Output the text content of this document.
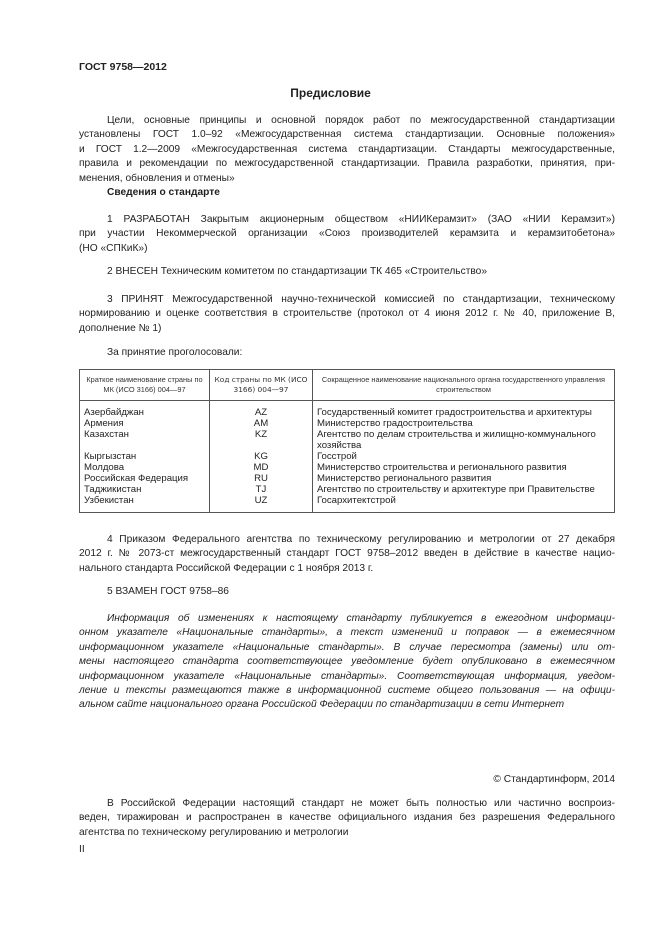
ГОСТ 9758—2012
Предисловие
Цели, основные принципы и основной порядок работ по межгосударственной стандартизации
установлены ГОСТ 1.0–92 «Межгосударственная система стандартизации. Основные положения»
и ГОСТ 1.2—2009 «Межгосударственная система стандартизации. Стандарты межгосударственные,
правила и рекомендации по межгосударственной стандартизации. Правила разработки, принятия, при-
менения, обновления и отмены»
Сведения о стандарте
1 РАЗРАБОТАН Закрытым акционерным обществом «НИИКерамзит» (ЗАО «НИИ Керамзит»)
при участии Некоммерческой организации «Союз производителей керамзита и керамзитобетона»
(НО «СПКиК»)
2 ВНЕСЕН Техническим комитетом по стандартизации ТК 465 «Строительство»
3 ПРИНЯТ Межгосударственной научно-технической комиссией по стандартизации, техническому
нормированию и оценке соответствия в строительстве (протокол от 4 июня 2012 г. № 40, приложение В,
дополнение № 1)
За принятие проголосовали:
Краткое наименование страны по МК (ИСО 3166) 004—97	Код страны по МК (ИСО 3166) 004—97	Сокращенное наименование национального органа государственного управления строительством
Азербайджан	AZ	Государственный комитет градостроительства и архитектуры
Армения	AM	Министерство градостроительства
Казахстан	KZ	Агентство по делам строительства и жилищно-коммунального хозяйства
Кыргызстан	KG	Госстрой
Молдова	MD	Министерство строительства и регионального развития
Российская Федерация	RU	Министерство регионального развития
Таджикистан	TJ	Агентство по строительству и архитектуре при Правительстве
Узбекистан	UZ	Госархитектстрой
4 Приказом Федерального агентства по техническому регулированию и метрологии от 27 декабря
2012 г. № 2073-ст межгосударственный стандарт ГОСТ 9758–2012 введен в действие в качестве нацио-
нального стандарта Российской Федерации с 1 ноября 2013 г.
5 ВЗАМЕН ГОСТ 9758–86
Информация об изменениях к настоящему стандарту публикуется в ежегодном информаци-
онном указателе «Национальные стандарты», а текст изменений и поправок — в ежемесячном
информационном указателе «Национальные стандарты». В случае пересмотра (замены) или от-
мены настоящего стандарта соответствующее уведомление будет опубликовано в ежемесячном
информационном указателе «Национальные стандарты». Соответствующая информация, уведом-
ление и тексты размещаются также в информационной системе общего пользования — на офици-
альном сайте национального органа Российской Федерации по стандартизации в сети Интернет
© Стандартинформ, 2014
В Российской Федерации настоящий стандарт не может быть полностью или частично воспроиз-
веден, тиражирован и распространен в качестве официального издания без разрешения Федерального
агентства по техническому регулированию и метрологии
II
